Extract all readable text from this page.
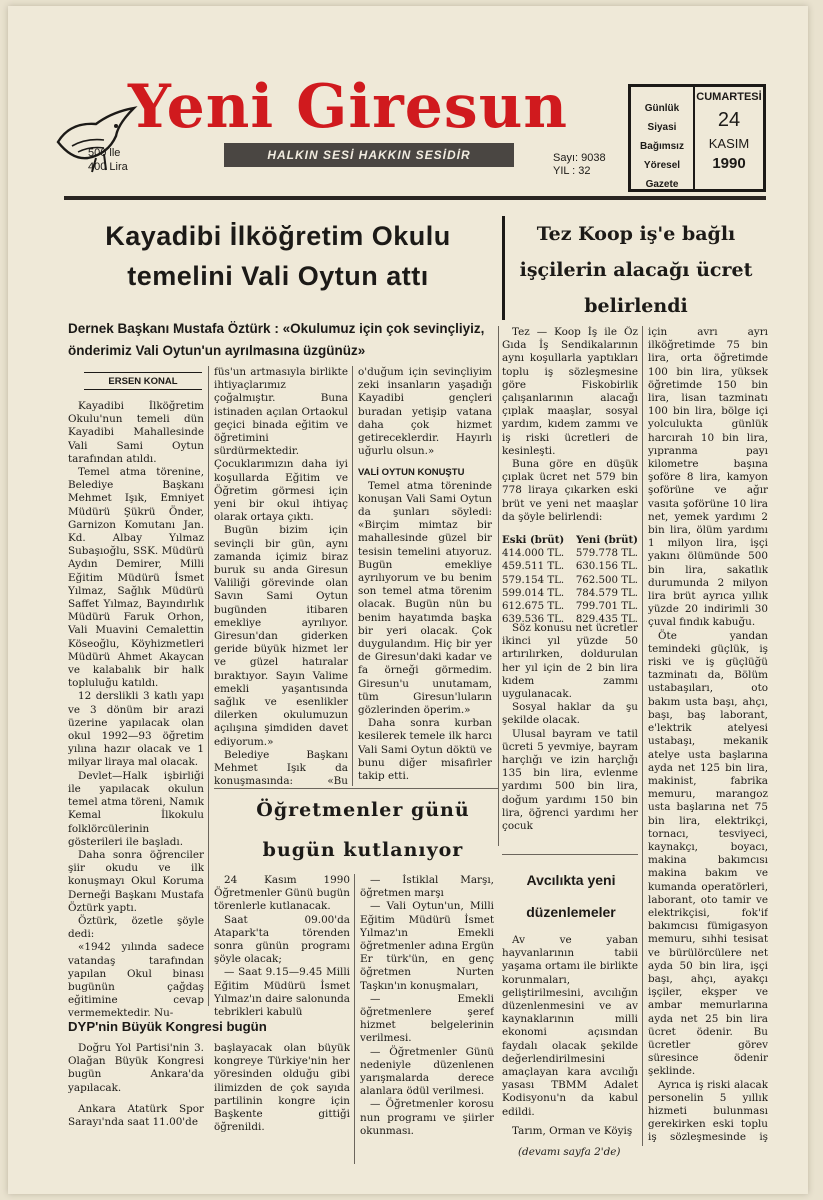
Yeni Giresun
500 lle
400 Lira
HALKIN SESİ HAKKIN SESİDİR	Sayı: 9038
YIL : 32
Günlük
Siyasi
Bağımsız
Yöresel
Gazete
CUMARTESİ
24
KASIM
1990
Kayadibi İlköğretim Okulu temelini Vali Oytun attı
Dernek Başkanı Mustafa Öztürk : «Okulumuz için çok sevinçliyiz, önderimiz Vali Oytun'un ayrılmasına üzgünüz»
ERSEN KONAL

Kayadibi İlköğretim Okulu'nun temeli dün Kayadibi Mahallesinde Vali Sami Oytun tarafından atıldı.

Temel atma törenine, Belediye Başkanı Mehmet Işık, Emniyet Müdürü Şükrü Önder, Garnizon Komutanı Jan. Kd. Albay Yılmaz Subaşıoğlu, SSK. Müdürü Aydın Demirer, Milli Eğitim Müdürü İsmet Yılmaz, Sağlık Müdürü Saffet Yılmaz, Bayındırlık Müdürü Faruk Orhon, Vali Muavini Cemalettin Köseoğlu, Köyhizmetleri Müdürü Ahmet Akaycan ve kalabalık bir halk topluluğu katıldı.

12 derslikli 3 katlı yapı ve 3 dönüm bir arazi üzerine yapılacak olan okul 1992—93 öğretim yılına hazır olacak ve 1 milyar liraya mal olacak.

Devlet—Halk işbirliği ile yapılacak okulun temel atma töreni, Namık Kemal İlkokulu folklörcülerinin gösterileri ile başladı.

Daha sonra öğrenciler şiir okudu ve ilk konuşmayı Okul Koruma Derneği Başkanı Mustafa Öztürk yaptı.

Öztürk, özetle şöyle dedi:

«1942 yılında sadece vatandaş tarafından yapılan Okul binası bugünün çağdaş eğitimine cevap vermemektedir. Nu-

füs'un artmasıyla birlikte ihtiyaçlarımız çoğalmıştır. Buna istinaden açılan Ortaokul geçici binada eğitim ve öğretimini sürdürmektedir. Çocuklarımızın daha iyi koşullarda Eğitim ve Öğretim görmesi için yeni bir okul ihtiyaç olarak ortaya çıktı.

Bugün bizim için sevinçli bir gün, aynı zamanda içimiz biraz buruk su anda Giresun Valiliği görevinde olan Savın Sami Oytun bugünden itibaren emekliye ayrılıyor. Giresun'dan giderken geride büyük hizmet ler ve güzel hatıralar bıraktıyor. Sayın Valime emekli yaşantısında sağlık ve esenlikler dilerken okulumuzun açılışına şimdiden davet ediyorum.»

Belediye Başkanı Mehmet Işık da konuşmasında: «Bu

o'duğum için sevinçliyim zeki insanların yaşadığı Kayadibi gençleri buradan yetişip vatana daha çok hizmet getireceklerdir. Hayırlı uğurlu olsun.»

VALİ OYTUN KONUŞTU

Temel atma töreninde konuşan Vali Sami Oytun da şunları söyledi: «Birçim mimtaz bir mahallesinde güzel bir tesisin temelini atıyoruz. Bugün emekliye ayrılıyorum ve bu benim son temel atma törenim olacak. Bugün nün bu benim hayatımda başka bir yeri olacak. Çok duygulandım. Hiç bir yer de Giresun'daki kadar ve fa örneği görmedim. Giresun'u unutamam, tüm Giresun'luların gözlerinden öperim.»

Daha sonra kurban kesilerek temele ilk harcı Vali Sami Oytun döktü ve bunu diğer misafirler takip etti.

Tez Koop iş'e bağlı işçilerin alacağı ücret belirlendi

Tez — Koop İş ile Öz Gıda İş Sendikalarının aynı koşullarla yaptıkları toplu iş sözleşmesine göre Fiskobirlik çalışanlarının alacağı çıplak maaşlar, sosyal yardım, kıdem zammı ve iş riski ücretleri de kesinleşti.

Buna göre en düşük çıplak ücret net 579 bin 778 liraya çıkarken eski brüt ve yeni net maaşlar da şöyle belirlendi:

Eski (brüt) Yeni (brüt)
414.000 TL. 579.778 TL.
459.511 TL. 630.156 TL.
579.154 TL. 762.500 TL.
599.014 TL. 784.579 TL.
612.675 TL. 799.701 TL.
639.536 TL. 829.435 TL.

Söz konusu net ücretler ikinci yıl yüzde 50 artırılırken, doldurulan her yıl için de 2 bin lira kıdem zammı uygulanacak.

Sosyal haklar da şu şekilde olacak.

Ulusal bayram ve tatil ücreti 5 yevmiye, bayram harçlığı ve izin harçlığı 135 bin lira, evlenme yardımı 500 bin lira, doğum yardımı 150 bin lira, öğrenci yardımı her çocuk

için avrı ayrı ilköğretimde 75 bin lira, orta öğretimde 100 bin lira, yüksek öğretimde 150 bin lira, lisan tazminatı 100 bin lira, bölge içi yolculukta günlük harcırah 10 bin lira, yıpranma payı kilometre başına şoföre 8 lira, kamyon şoförüne ve ağır vasıta şoförüne 10 lira net, yemek yardımı 2 bin lira, ölüm yardımı 1 milyon lira, işçi yakını ölümünde 500 bin lira, sakatlık durumunda 2 milyon lira brüt ayrıca yıllık yüzde 20 indirimli 30 çuval fındık kabuğu.

Öte yandan temindeki güçlük, iş riski ve iş güçlüğü tazminatı da, Bölüm ustabaşıları, oto bakım usta başı, ahçı, başı, baş laborant, e'lektrik atelyesi ustabaşı, mekanik atelye usta başlarına ayda net 125 bin lira, makinist, fabrika memuru, marangoz usta başlarına net 75 bin lira, elektrikçi, tornacı, tesviyeci, kaynakçı, boyacı, makina bakımcısı makina bakım ve kumanda operatörleri, laborant, oto tamir ve elektrikçisi, fok'if bakımcısı fümigasyon memuru, sıhhi tesisat ve bürülörcülere net ayda 50 bin lira, işçi başı, ahçı, ayakçı işçiler, ekşper ve ambar memurlarına ayda net 25 bin lira ücret ödenir. Bu ücretler görev süresince ödenir şeklinde.

Ayrıca iş riski alacak personelin 5 yıllık hizmeti bulunması gerekirken eski toplu iş sözleşmesinde iş

Öğretmenler günü bugün kutlanıyor

24 Kasım 1990 Öğretmenler Günü bugün törenlerle kutlanacak.

Saat 09.00'da Atapark'ta törenden sonra günün programı şöyle olacak;

— Saat 9.15—9.45 Milli Eğitim Müdürü İsmet Yılmaz'ın daire salonunda tebrikleri kabulü

— İstiklal Marşı, öğretmen marşı

— Vali Oytun'un, Milli Eğitim Müdürü İsmet Yılmaz'ın Emekli öğretmenler adına Ergün Er türk'ün, en genç öğretmen Nurten Taşkın'ın konuşmaları,

— Emekli öğretmenlere şeref hizmet belgelerinin verilmesi.

— Öğretmenler Günü nedeniyle düzenlenen yarışmalarda derece alanlara ödül verilmesi.

— Öğretmenler korosu nun programı ve şiirler okunması.

Avcılıkta yeni düzenlemeler

Av ve yaban hayvanlarının tabii yaşama ortamı ile birlikte korunmaları, geliştirilmesini, avcılığın düzenlenmesini ve av kaynaklarının milli ekonomi açısından faydalı olacak şekilde değerlendirilmesini amaçlayan kara avcılığı yasası TBMM Adalet Kodisyonu'n da kabul edildi.

Tarım, Orman ve Köyiş

(devamı sayfa 2'de)
DYP'nin Büyük Kongresi bugün

Doğru Yol Partisi'nin 3. Olağan Büyük Kongresi bugün Ankara'da yapılacak.

Ankara Atatürk Spor Sarayı'nda saat 11.00'de

başlayacak olan büyük kongreye Türkiye'nin her yöresinden olduğu gibi ilimizden de çok sayıda partilinin kongre için Başkente gittiği öğrenildi.
